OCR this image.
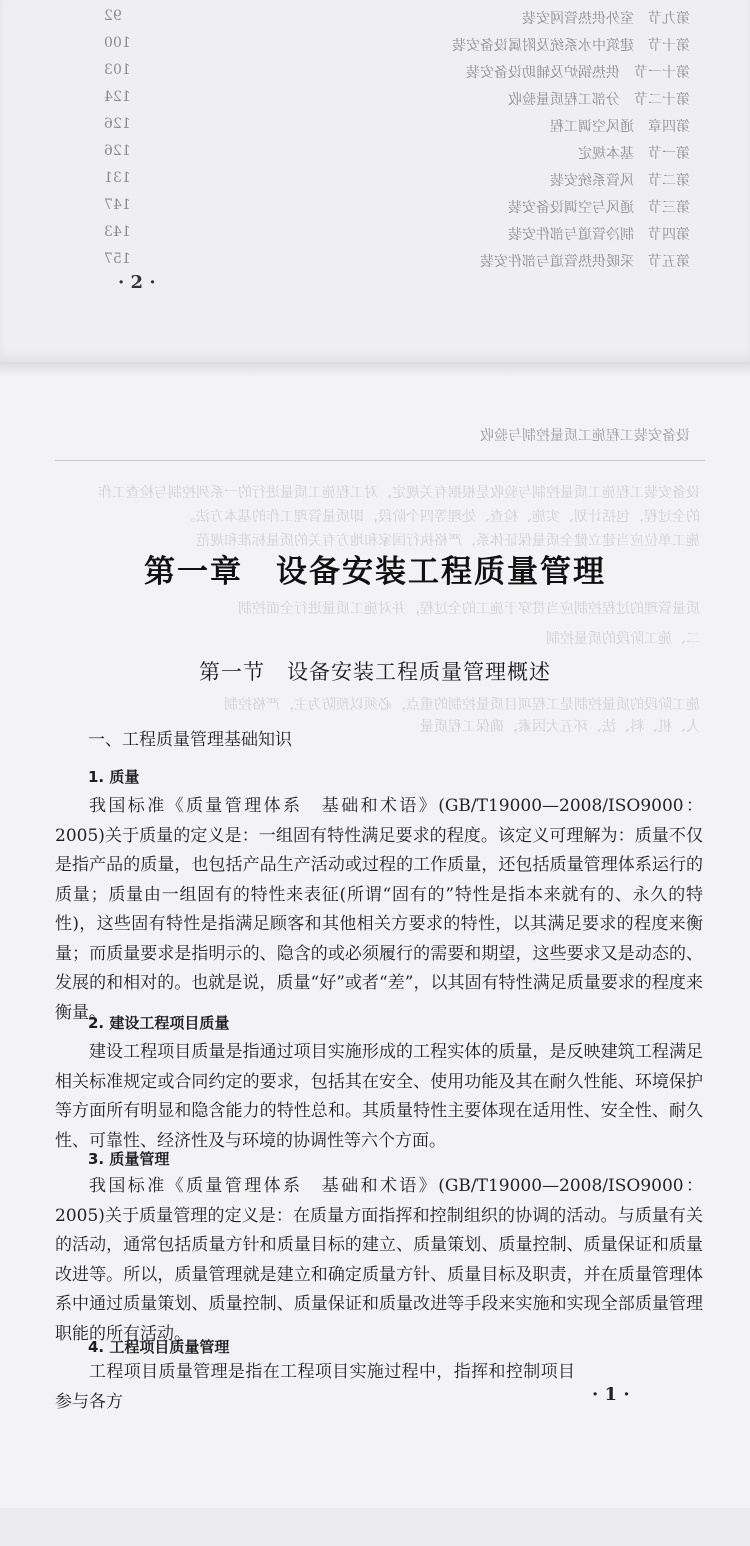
92	第九节　室外供热管网安装
100	第十节　建筑中水系统及附属设备安装
103	第十一节　供热锅炉及辅助设备安装
124	第十二节　分部工程质量验收
126	第四章　通风空调工程
126	第一节　基本规定
131	第二节　风管系统安装
147	第三节　通风与空调设备安装
143	第四节　制冷管道与部件安装
157	第五节　采暖供热管道与部件安装
· 2 ·
设备安装工程施工质量控制与验收
设备安装工程施工质量控制与验收是根据有关规定，对工程施工质量进行的一系列控制与检查工作
的全过程，包括计划、实施、检查、处理等四个阶段，即质量管理工作的基本方法。
施工单位应当建立健全质量保证体系，严格执行国家和地方有关的质量标准和规范
质量管理的过程控制应当贯穿于施工的全过程，并对施工质量进行全面控制
二、施工阶段的质量控制
施工阶段的质量控制是工程项目质量控制的重点，必须以预防为主，严格控制
人、机、料、法、环五大因素，确保工程质量
第一章　设备安装工程质量管理
第一节　设备安装工程质量管理概述
一、工程质量管理基础知识
1. 质量

我国标准《质量管理体系　基础和术语》(GB/T19000—2008/ISO9000：2005)关于质量的定义是：一组固有特性满足要求的程度。该定义可理解为：质量不仅是指产品的质量，也包括产品生产活动或过程的工作质量，还包括质量管理体系运行的质量；质量由一组固有的特性来表征(所谓“固有的”特性是指本来就有的、永久的特性)，这些固有特性是指满足顾客和其他相关方要求的特性，以其满足要求的程度来衡量；而质量要求是指明示的、隐含的或必须履行的需要和期望，这些要求又是动态的、发展的和相对的。也就是说，质量“好”或者“差”，以其固有特性满足质量要求的程度来衡量。

2. 建设工程项目质量

建设工程项目质量是指通过项目实施形成的工程实体的质量，是反映建筑工程满足相关标准规定或合同约定的要求，包括其在安全、使用功能及其在耐久性能、环境保护等方面所有明显和隐含能力的特性总和。其质量特性主要体现在适用性、安全性、耐久性、可靠性、经济性及与环境的协调性等六个方面。

3. 质量管理

我国标准《质量管理体系　基础和术语》(GB/T19000—2008/ISO9000：2005)关于质量管理的定义是：在质量方面指挥和控制组织的协调的活动。与质量有关的活动，通常包括质量方针和质量目标的建立、质量策划、质量控制、质量保证和质量改进等。所以，质量管理就是建立和确定质量方针、质量目标及职责，并在质量管理体系中通过质量策划、质量控制、质量保证和质量改进等手段来实施和实现全部质量管理职能的所有活动。

4. 工程项目质量管理

工程项目质量管理是指在工程项目实施过程中，指挥和控制项目参与各方	· 1 ·
